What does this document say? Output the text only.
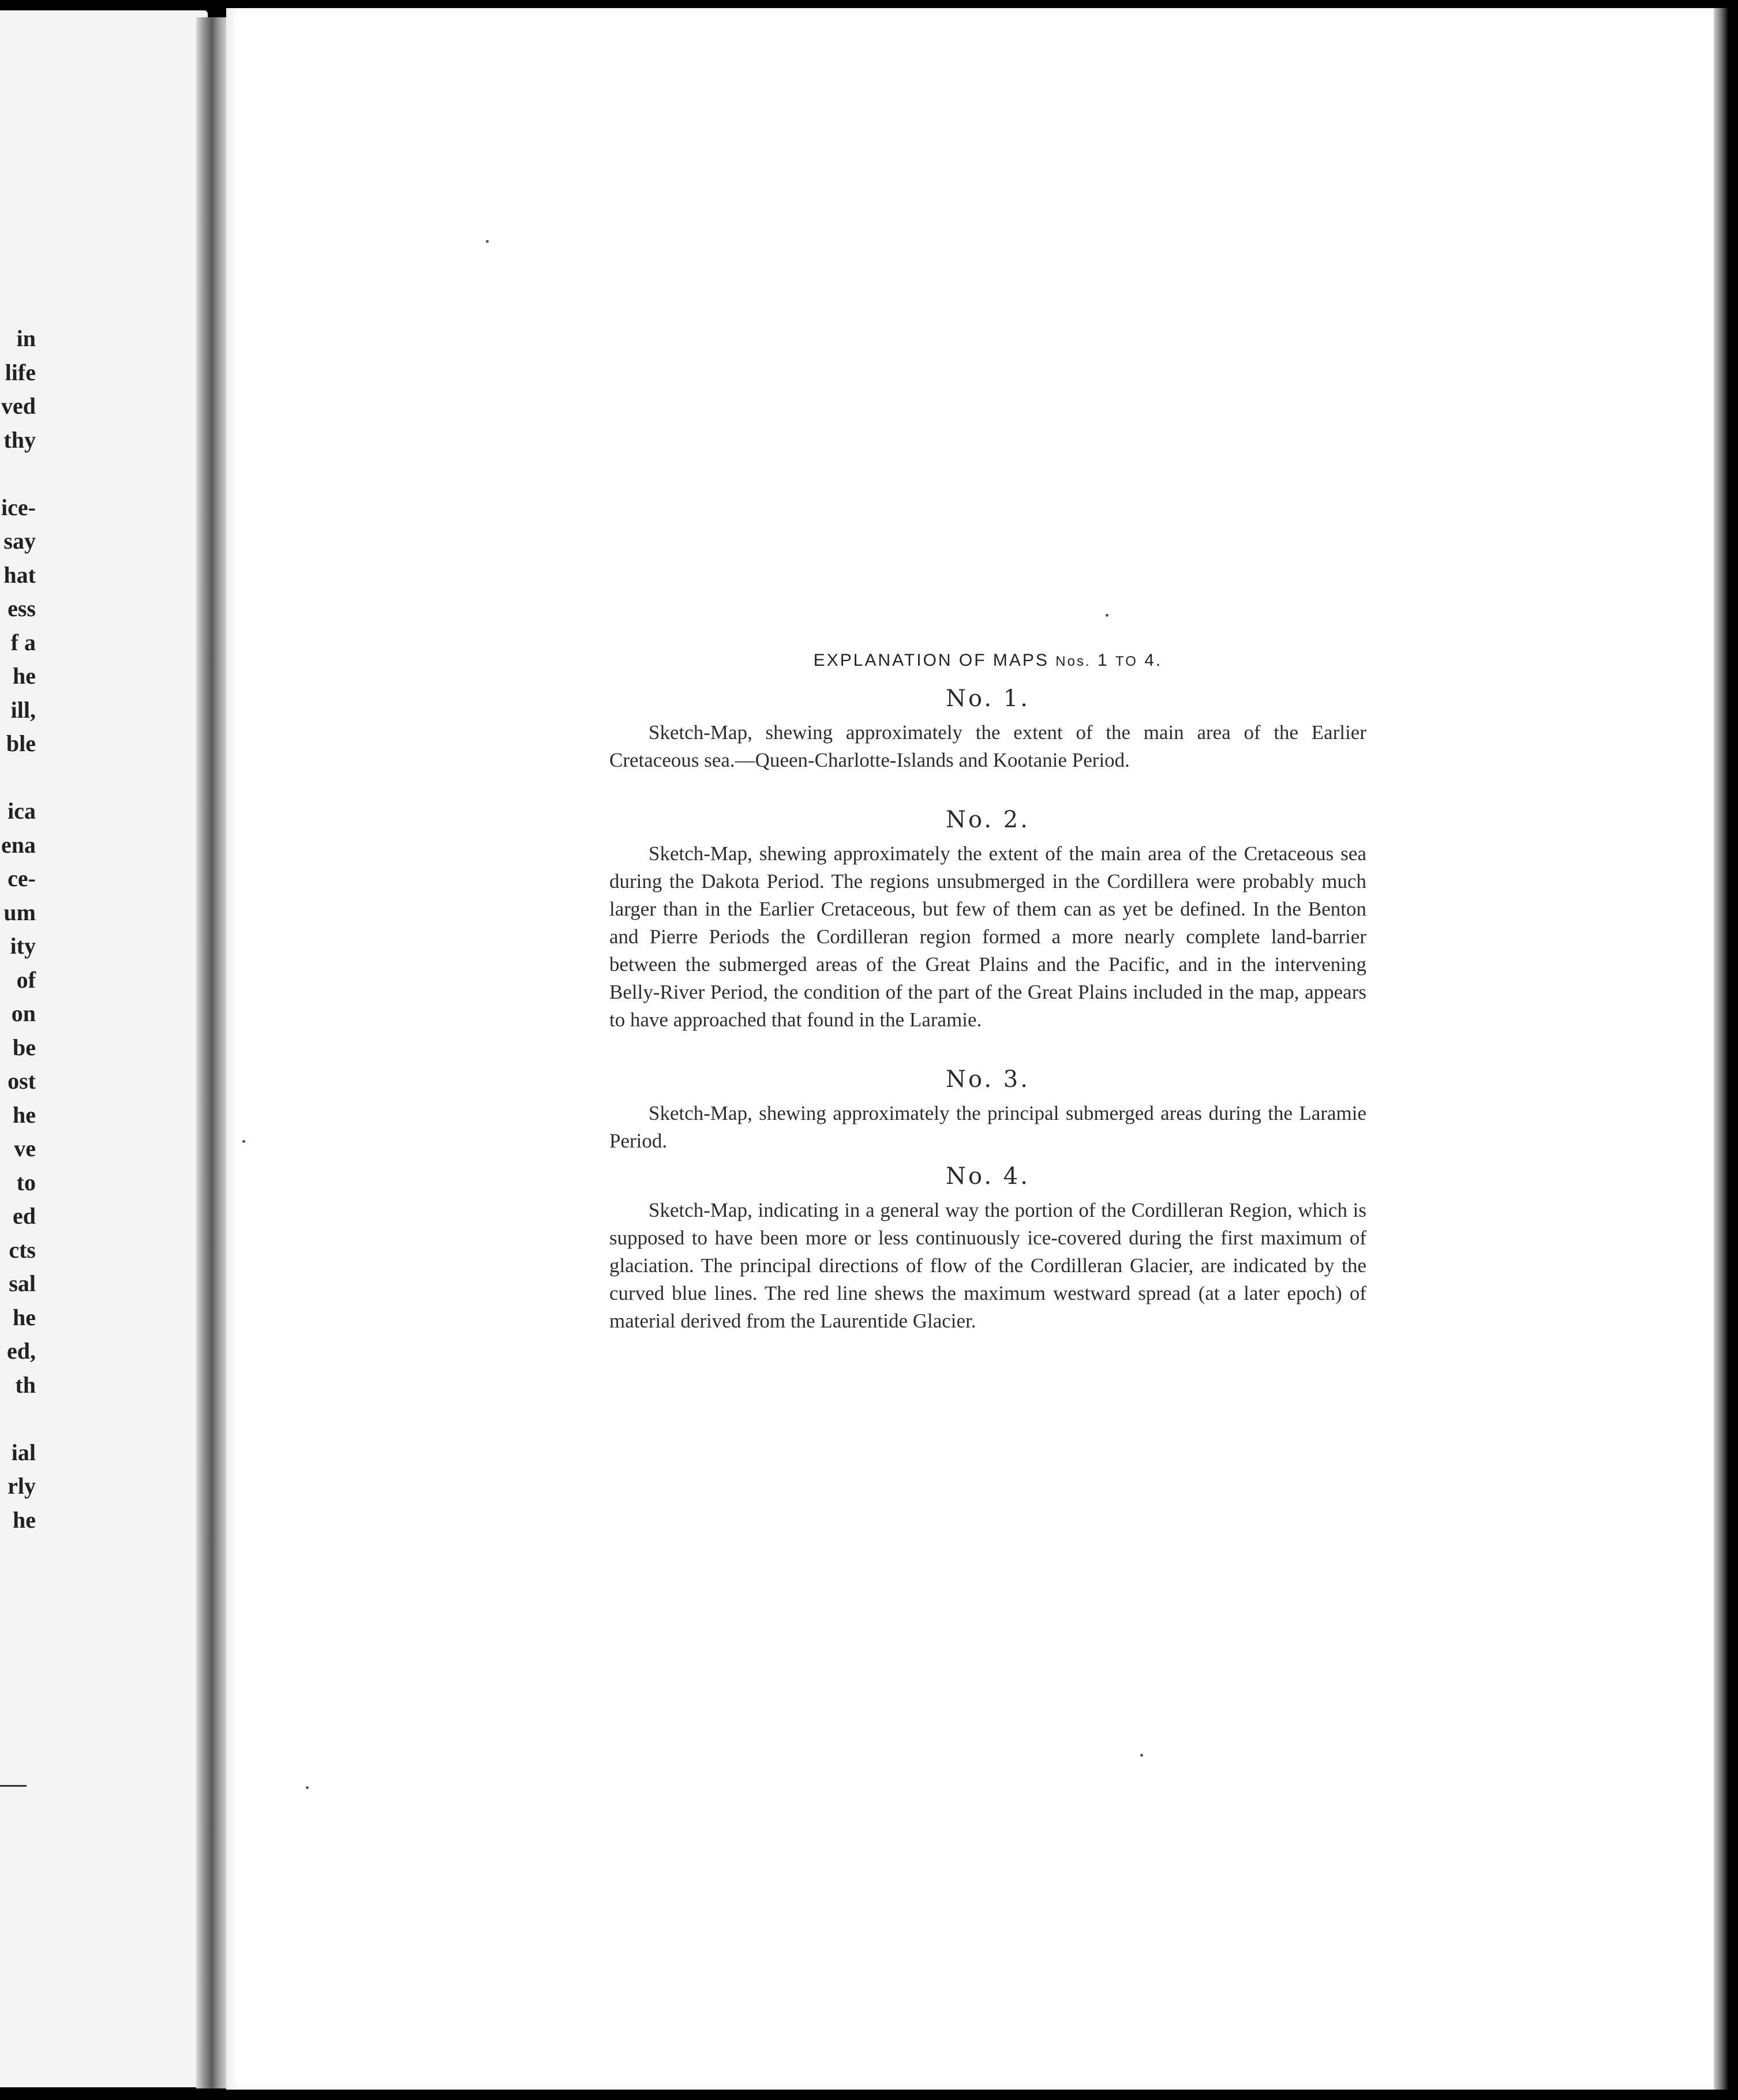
in
life
ved
thy
ice-
say
hat
ess
f a
he
ill,
ble
ica
ena
ce-
um
ity
of
on
be
ost
he
ve
to
ed
cts
sal
he
ed,
th
ial
rly
he
EXPLANATION OF MAPS Nos. 1 TO 4.
No. 1.

Sketch-Map, shewing approximately the extent of the main area of the Earlier Cretaceous sea.—Queen-Charlotte-Islands and Kootanie Period.

No. 2.

Sketch-Map, shewing approximately the extent of the main area of the Cretaceous sea during the Dakota Period. The regions unsubmerged in the Cordillera were probably much larger than in the Earlier Cretaceous, but few of them can as yet be defined. In the Benton and Pierre Periods the Cordilleran region formed a more nearly complete land-barrier between the submerged areas of the Great Plains and the Pacific, and in the intervening Belly-River Period, the condition of the part of the Great Plains included in the map, appears to have approached that found in the Laramie.

No. 3.

Sketch-Map, shewing approximately the principal submerged areas during the Laramie Period.

No. 4.

Sketch-Map, indicating in a general way the portion of the Cordilleran Region, which is supposed to have been more or less continuously ice-covered during the first maximum of glaciation. The principal directions of flow of the Cordilleran Glacier, are indicated by the curved blue lines. The red line shews the maximum westward spread (at a later epoch) of material derived from the Laurentide Glacier.
